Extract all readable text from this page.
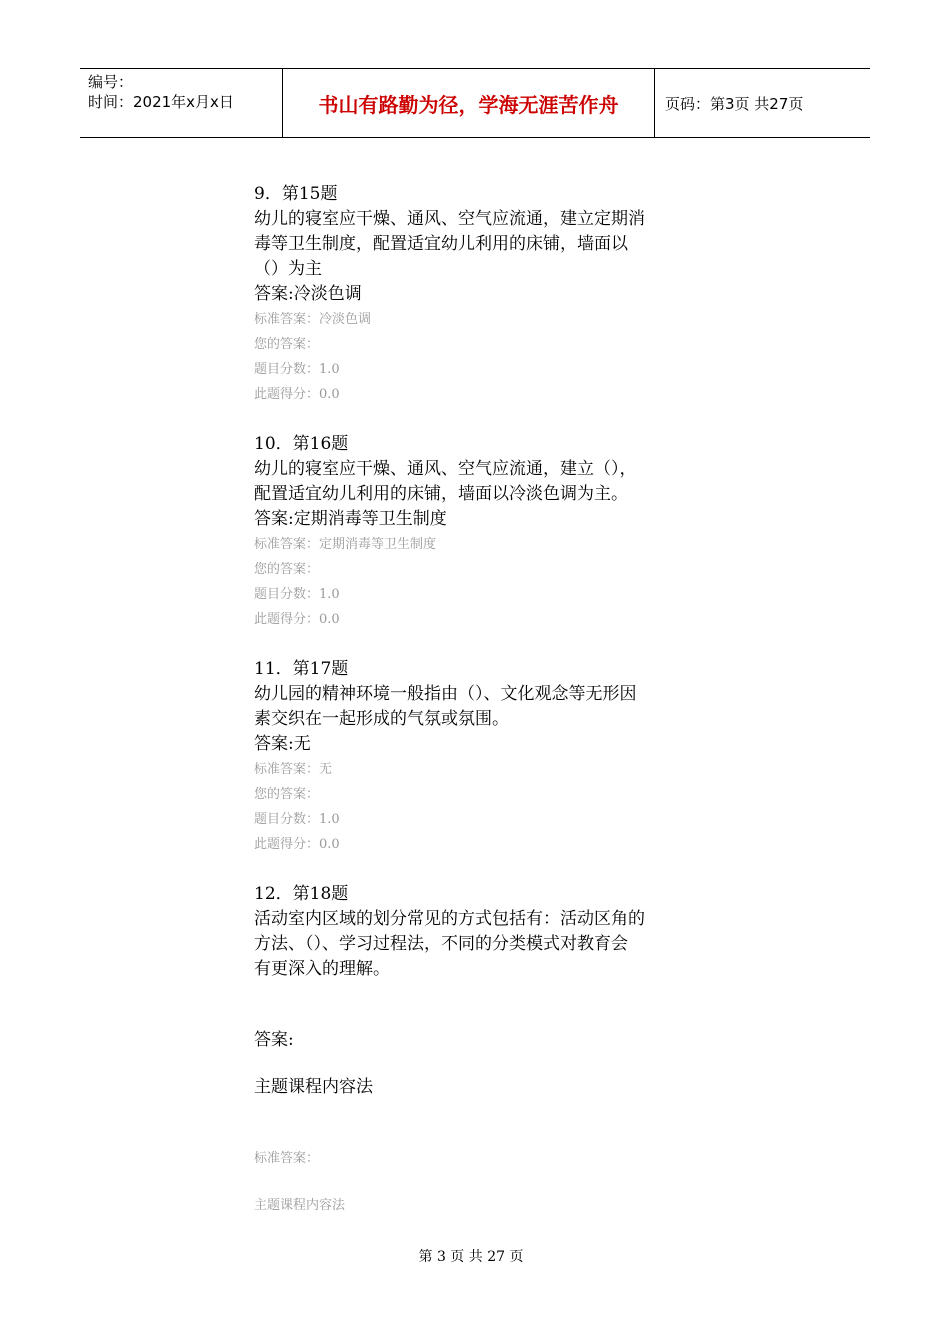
编号：
时间：2021年x月x日	书山有路勤为径，学海无涯苦作舟	页码：第3页 共27页
9．第15题
幼儿的寝室应干燥、通风、空气应流通，建立定期消
毒等卫生制度，配置适宜幼儿利用的床铺，墙面以
（）为主
答案:冷淡色调
标准答案：冷淡色调
您的答案：
题目分数：1.0
此题得分：0.0
10．第16题
幼儿的寝室应干燥、通风、空气应流通，建立（），
配置适宜幼儿利用的床铺，墙面以冷淡色调为主。
答案:定期消毒等卫生制度
标准答案：定期消毒等卫生制度
您的答案：
题目分数：1.0
此题得分：0.0
11．第17题
幼儿园的精神环境一般指由（）、文化观念等无形因
素交织在一起形成的气氛或氛围。
答案:无
标准答案：无
您的答案：
题目分数：1.0
此题得分：0.0
12．第18题
活动室内区域的划分常见的方式包括有：活动区角的
方法、（）、学习过程法，不同的分类模式对教育会
有更深入的理解。
答案:
主题课程内容法
标准答案：
主题课程内容法
第 3 页 共 27 页
